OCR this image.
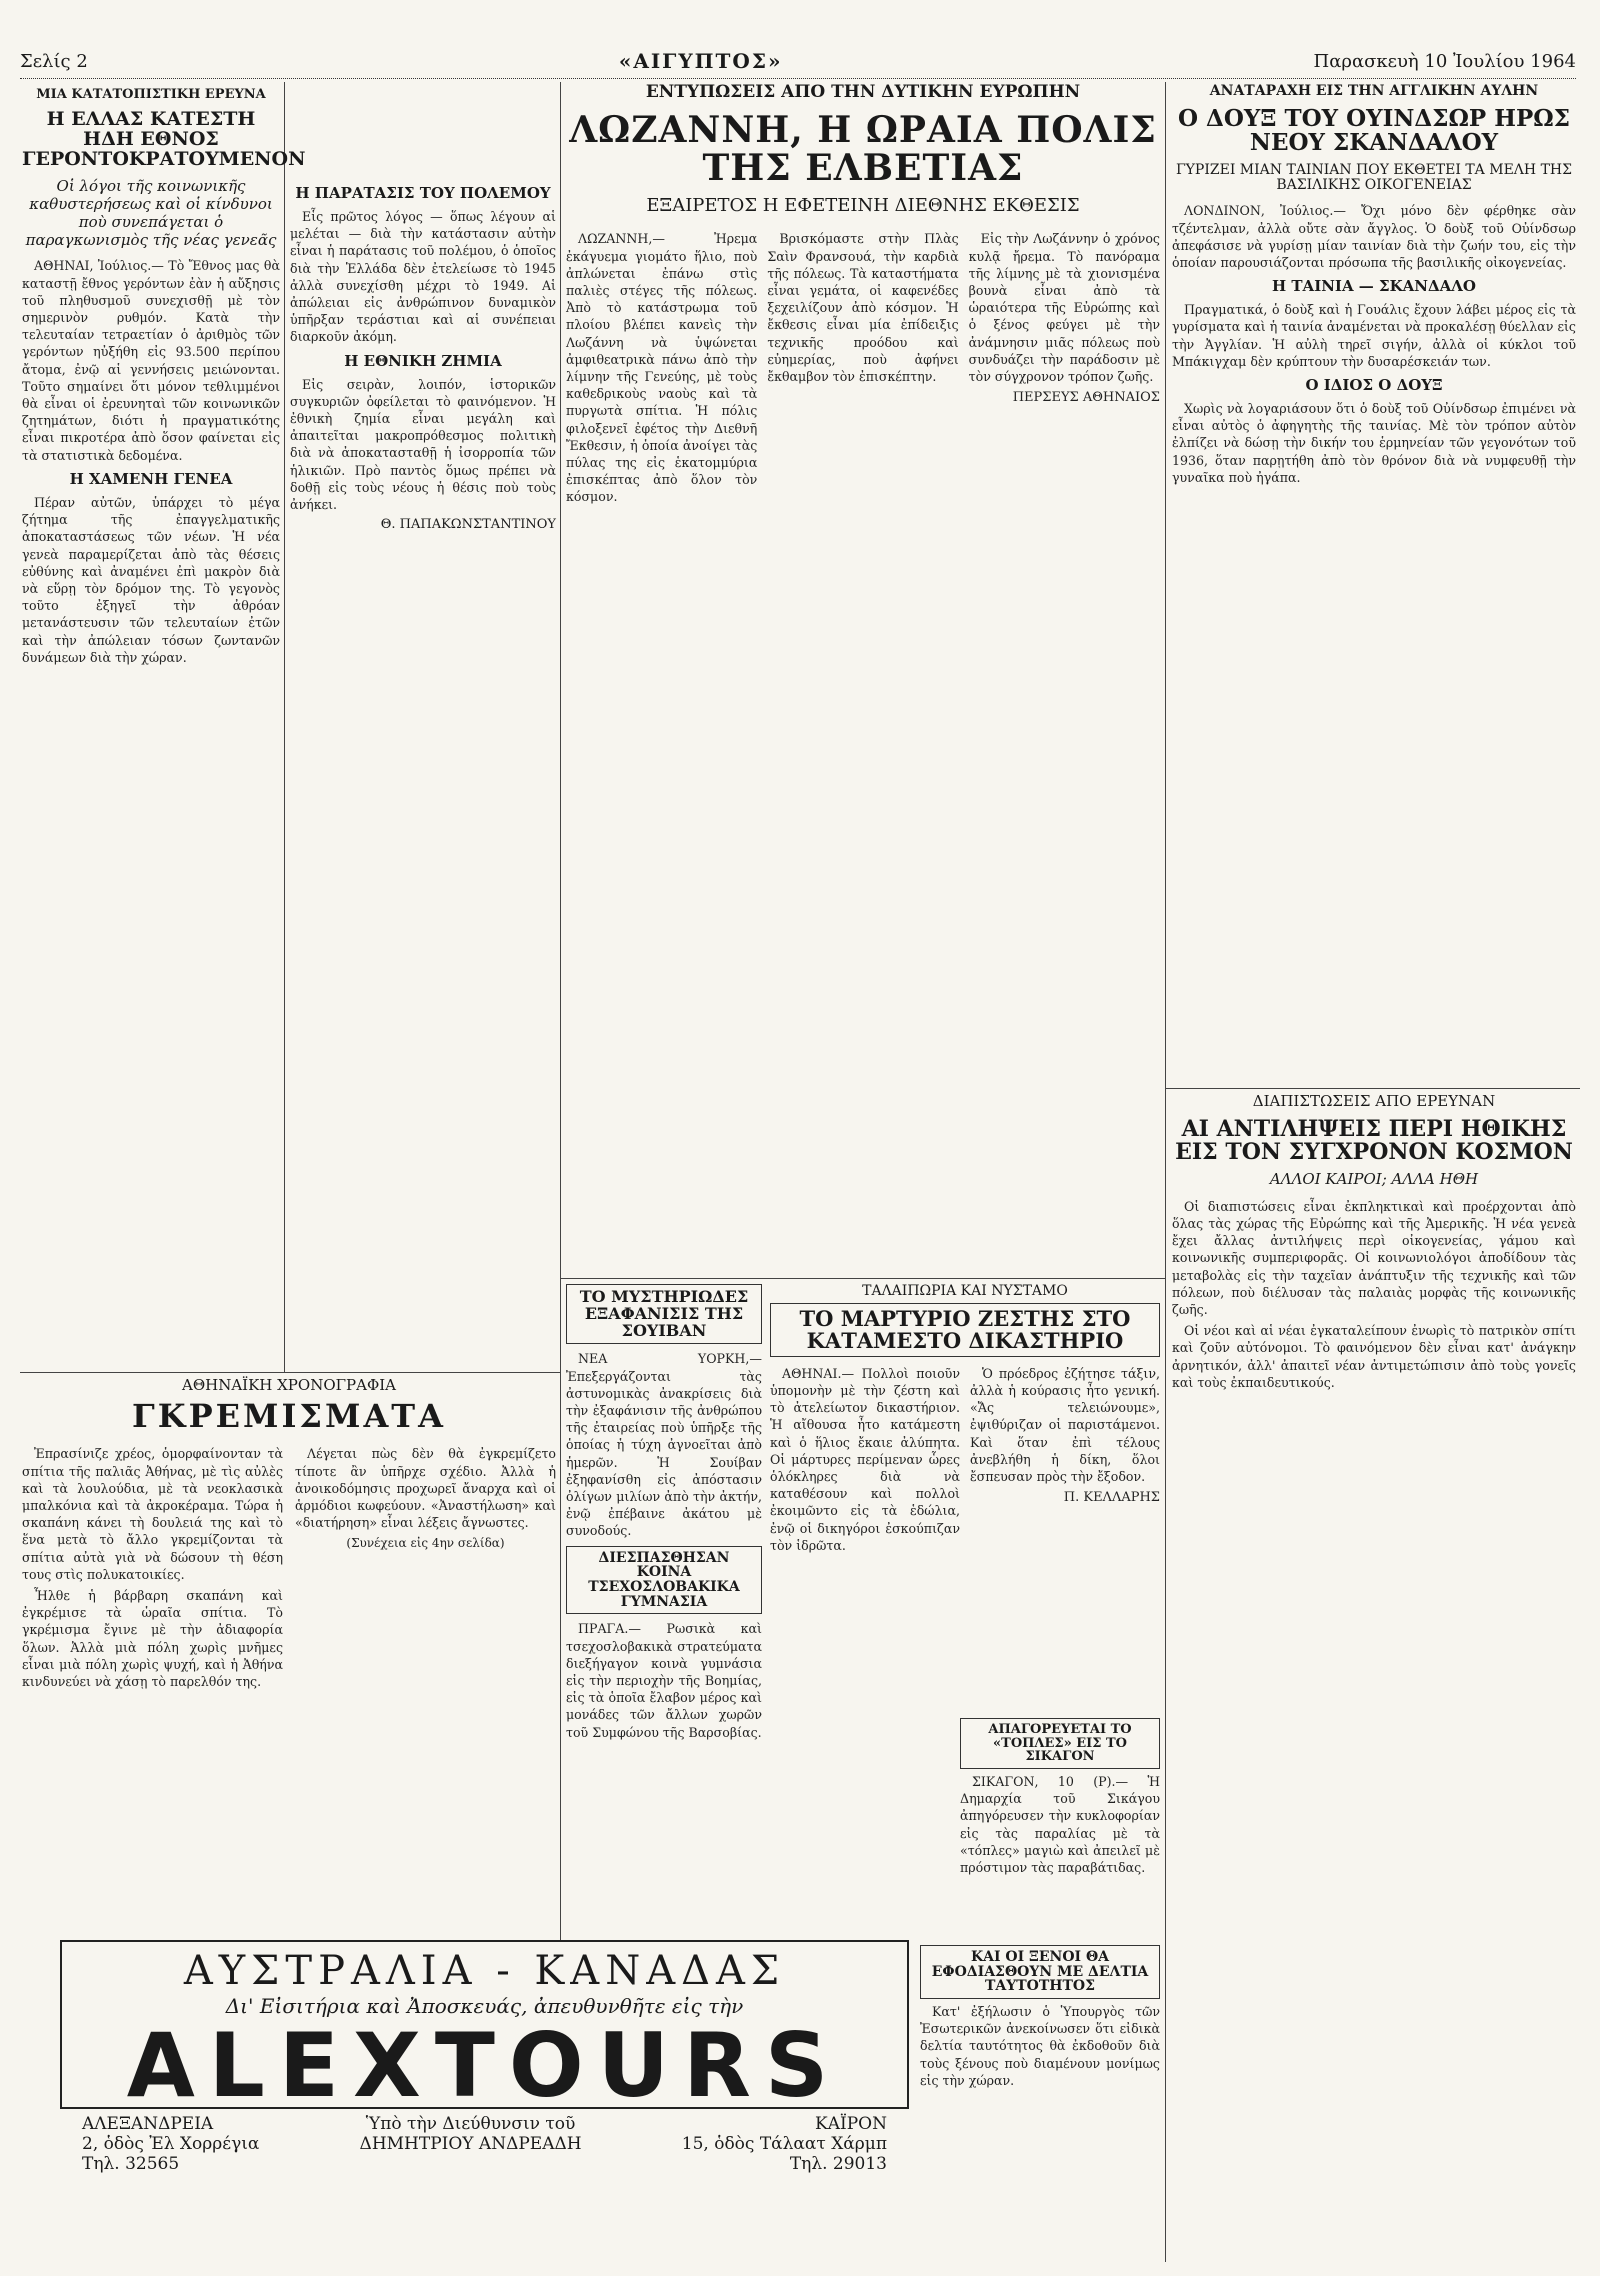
Σελίς 2	«ΑΙΓΥΠΤΟΣ»	Παρασκευὴ 10 Ἰουλίου 1964
ΜΙΑ ΚΑΤΑΤΟΠΙΣΤΙΚΗ ΕΡΕΥΝΑ
Η ΕΛΛΑΣ ΚΑΤΕΣΤΗ ΗΔΗ ΕΘΝΟΣ ΓΕΡΟΝΤΟΚΡΑΤΟΥΜΕΝΟΝ
Οἱ λόγοι τῆς κοινωνικῆς καθυστερήσεως καὶ οἱ κίνδυνοι ποὺ συνεπάγεται ὁ παραγκωνισμὸς τῆς νέας γενεᾶς

ΑΘΗΝΑΙ, Ἰούλιος.— Τὸ Ἔθνος μας θὰ καταστῇ ἔθνος γερόντων ἐὰν ἡ αὔξησις τοῦ πληθυσμοῦ συνεχισθῇ μὲ τὸν σημερινὸν ρυθμόν. Κατὰ τὴν τελευταίαν τετραετίαν ὁ ἀριθμὸς τῶν γερόντων ηὐξήθη εἰς 93.500 περίπου ἄτομα, ἐνῷ αἱ γεννήσεις μειώνονται. Τοῦτο σημαίνει ὅτι μόνον τεθλιμμένοι θὰ εἶναι οἱ ἐρευνηταὶ τῶν κοινωνικῶν ζητημάτων, διότι ἡ πραγματικότης εἶναι πικροτέρα ἀπὸ ὅσον φαίνεται εἰς τὰ στατιστικὰ δεδομένα.

Η ΧΑΜΕΝΗ ΓΕΝΕΑ

Πέραν αὐτῶν, ὑπάρχει τὸ μέγα ζήτημα τῆς ἐπαγγελματικῆς ἀποκαταστάσεως τῶν νέων. Ἡ νέα γενεὰ παραμερίζεται ἀπὸ τὰς θέσεις εὐθύνης καὶ ἀναμένει ἐπὶ μακρὸν διὰ νὰ εὕρῃ τὸν δρόμον της. Τὸ γεγονὸς τοῦτο ἐξηγεῖ τὴν ἀθρόαν μετανάστευσιν τῶν τελευταίων ἐτῶν καὶ τὴν ἀπώλειαν τόσων ζωντανῶν δυνάμεων διὰ τὴν χώραν.

Η ΠΑΡΑΤΑΣΙΣ ΤΟΥ ΠΟΛΕΜΟΥ

Εἷς πρῶτος λόγος — ὅπως λέγουν αἱ μελέται — διὰ τὴν κατάστασιν αὐτὴν εἶναι ἡ παράτασις τοῦ πολέμου, ὁ ὁποῖος διὰ τὴν Ἑλλάδα δὲν ἐτελείωσε τὸ 1945 ἀλλὰ συνεχίσθη μέχρι τὸ 1949. Αἱ ἀπώλειαι εἰς ἀνθρώπινον δυναμικὸν ὑπῆρξαν τεράστιαι καὶ αἱ συνέπειαι διαρκοῦν ἀκόμη.

Η ΕΘΝΙΚΗ ΖΗΜΙΑ

Εἰς σειρὰν, λοιπόν, ἱστορικῶν συγκυριῶν ὀφείλεται τὸ φαινόμενον. Ἡ ἐθνικὴ ζημία εἶναι μεγάλη καὶ ἀπαιτεῖται μακροπρόθεσμος πολιτικὴ διὰ νὰ ἀποκατασταθῇ ἡ ἰσορροπία τῶν ἡλικιῶν. Πρὸ παντὸς ὅμως πρέπει νὰ δοθῇ εἰς τοὺς νέους ἡ θέσις ποὺ τοὺς ἀνήκει.

Θ. ΠΑΠΑΚΩΝΣΤΑΝΤΙΝΟΥ
ΕΝΤΥΠΩΣΕΙΣ ΑΠΟ ΤΗΝ ΔΥΤΙΚΗΝ ΕΥΡΩΠΗΝ
ΛΩΖΑΝΝΗ, Η ΩΡΑΙΑ ΠΟΛΙΣ ΤΗΣ ΕΛΒΕΤΙΑΣ
ΕΞΑΙΡΕΤΟΣ Η ΕΦΕΤΕΙΝΗ ΔΙΕΘΝΗΣ ΕΚΘΕΣΙΣ

ΛΩΖΑΝΝΗ,— Ἠρεμα ἐκάγυεμα γιομάτο ἥλιο, ποὺ ἀπλώνεται ἐπάνω στὶς παλιὲς στέγες τῆς πόλεως. Ἀπὸ τὸ κατάστρωμα τοῦ πλοίου βλέπει κανεὶς τὴν Λωζάννη νὰ ὑψώνεται ἀμφιθεατρικὰ πάνω ἀπὸ τὴν λίμνην τῆς Γενεύης, μὲ τοὺς καθεδρικοὺς ναοὺς καὶ τὰ πυργωτὰ σπίτια. Ἡ πόλις φιλοξενεῖ ἐφέτος τὴν Διεθνῆ Ἔκθεσιν, ἡ ὁποία ἀνοίγει τὰς πύλας της εἰς ἑκατομμύρια ἐπισκέπτας ἀπὸ ὅλον τὸν κόσμον.

Βρισκόμαστε στὴν Πλὰς Σαὶν Φρανσουά, τὴν καρδιὰ τῆς πόλεως. Τὰ καταστήματα εἶναι γεμάτα, οἱ καφενέδες ξεχειλίζουν ἀπὸ κόσμον. Ἡ ἔκθεσις εἶναι μία ἐπίδειξις τεχνικῆς προόδου καὶ εὐημερίας, ποὺ ἀφήνει ἔκθαμβον τὸν ἐπισκέπτην.

Εἰς τὴν Λωζάννην ὁ χρόνος κυλᾷ ἤρεμα. Τὸ πανόραμα τῆς λίμνης μὲ τὰ χιονισμένα βουνὰ εἶναι ἀπὸ τὰ ὡραιότερα τῆς Εὐρώπης καὶ ὁ ξένος φεύγει μὲ τὴν ἀνάμνησιν μιᾶς πόλεως ποὺ συνδυάζει τὴν παράδοσιν μὲ τὸν σύγχρονον τρόπον ζωῆς.

ΠΕΡΣΕΥΣ ΑΘΗΝΑΙΟΣ
ΑΝΑΤΑΡΑΧΗ ΕΙΣ ΤΗΝ ΑΓΓΛΙΚΗΝ ΑΥΛΗΝ
Ο ΔΟΥΞ ΤΟΥ ΟΥΙΝΔΣΩΡ ΗΡΩΣ ΝΕΟΥ ΣΚΑΝΔΑΛΟΥ
ΓΥΡΙΖΕΙ ΜΙΑΝ ΤΑΙΝΙΑΝ ΠΟΥ ΕΚΘΕΤΕΙ ΤΑ ΜΕΛΗ ΤΗΣ ΒΑΣΙΛΙΚΗΣ ΟΙΚΟΓΕΝΕΙΑΣ

ΛΟΝΔΙΝΟΝ, Ἰούλιος.— Ὄχι μόνο δὲν φέρθηκε σὰν τζέντελμαν, ἀλλὰ οὔτε σὰν ἄγγλος. Ὁ δοὺξ τοῦ Οὐίνδσωρ ἀπεφάσισε νὰ γυρίσῃ μίαν ταινίαν διὰ τὴν ζωήν του, εἰς τὴν ὁποίαν παρουσιάζονται πρόσωπα τῆς βασιλικῆς οἰκογενείας.

Η ΤΑΙΝΙΑ — ΣΚΑΝΔΑΛΟ

Πραγματικά, ὁ δοὺξ καὶ ἡ Γουάλις ἔχουν λάβει μέρος εἰς τὰ γυρίσματα καὶ ἡ ταινία ἀναμένεται νὰ προκαλέσῃ θύελλαν εἰς τὴν Ἀγγλίαν. Ἡ αὐλὴ τηρεῖ σιγήν, ἀλλὰ οἱ κύκλοι τοῦ Μπάκιγχαμ δὲν κρύπτουν τὴν δυσαρέσκειάν των.

Ο ΙΔΙΟΣ Ο ΔΟΥΞ

Χωρὶς νὰ λογαριάσουν ὅτι ὁ δοὺξ τοῦ Οὐίνδσωρ ἐπιμένει νὰ εἶναι αὐτὸς ὁ ἀφηγητὴς τῆς ταινίας. Μὲ τὸν τρόπον αὐτὸν ἐλπίζει νὰ δώσῃ τὴν δικήν του ἑρμηνείαν τῶν γεγονότων τοῦ 1936, ὅταν παρῃτήθη ἀπὸ τὸν θρόνον διὰ νὰ νυμφευθῇ τὴν γυναῖκα ποὺ ἠγάπα.

ΔΙΑΠΙΣΤΩΣΕΙΣ ΑΠΟ ΕΡΕΥΝΑΝ
ΑΙ ΑΝΤΙΛΗΨΕΙΣ ΠΕΡΙ ΗΘΙΚΗΣ ΕΙΣ ΤΟΝ ΣΥΓΧΡΟΝΟΝ ΚΟΣΜΟΝ
ΑΛΛΟΙ ΚΑΙΡΟΙ; ΑΛΛΑ ΗΘΗ

Οἱ διαπιστώσεις εἶναι ἐκπληκτικαὶ καὶ προέρχονται ἀπὸ ὅλας τὰς χώρας τῆς Εὐρώπης καὶ τῆς Ἀμερικῆς. Ἡ νέα γενεὰ ἔχει ἄλλας ἀντιλήψεις περὶ οἰκογενείας, γάμου καὶ κοινωνικῆς συμπεριφορᾶς. Οἱ κοινωνιολόγοι ἀποδίδουν τὰς μεταβολὰς εἰς τὴν ταχεῖαν ἀνάπτυξιν τῆς τεχνικῆς καὶ τῶν πόλεων, ποὺ διέλυσαν τὰς παλαιὰς μορφὰς τῆς κοινωνικῆς ζωῆς.

Οἱ νέοι καὶ αἱ νέαι ἐγκαταλείπουν ἐνωρὶς τὸ πατρικὸν σπίτι καὶ ζοῦν αὐτόνομοι. Τὸ φαινόμενον δὲν εἶναι κατ' ἀνάγκην ἀρνητικόν, ἀλλ' ἀπαιτεῖ νέαν ἀντιμετώπισιν ἀπὸ τοὺς γονεῖς καὶ τοὺς ἐκπαιδευτικούς.

ΑΘΗΝΑΪΚΗ ΧΡΟΝΟΓΡΑΦΙΑ
ΓΚΡΕΜΙΣΜΑΤΑ

Ἐπρασίνιζε χρέος, ὁμορφαίνονταν τὰ σπίτια τῆς παλιᾶς Ἀθήνας, μὲ τὶς αὐλὲς καὶ τὰ λουλούδια, μὲ τὰ νεοκλασικὰ μπαλκόνια καὶ τὰ ἀκροκέραμα. Τώρα ἡ σκαπάνη κάνει τὴ δουλειά της καὶ τὸ ἕνα μετὰ τὸ ἄλλο γκρεμίζονται τὰ σπίτια αὐτὰ γιὰ νὰ δώσουν τὴ θέση τους στὶς πολυκατοικίες.

Ἦλθε ἡ βάρβαρη σκαπάνη καὶ ἐγκρέμισε τὰ ὡραῖα σπίτια. Τὸ γκρέμισμα ἔγινε μὲ τὴν ἀδιαφορία ὅλων. Ἀλλὰ μιὰ πόλη χωρὶς μνῆμες εἶναι μιὰ πόλη χωρὶς ψυχή, καὶ ἡ Ἀθήνα κινδυνεύει νὰ χάσῃ τὸ παρελθόν της.

Λέγεται πὼς δὲν θὰ ἐγκρεμίζετο τίποτε ἂν ὑπῆρχε σχέδιο. Ἀλλὰ ἡ ἀνοικοδόμησις προχωρεῖ ἄναρχα καὶ οἱ ἁρμόδιοι κωφεύουν. «Ἀναστήλωση» καὶ «διατήρηση» εἶναι λέξεις ἄγνωστες.

(Συνέχεια εἰς 4ην σελίδα)
ΤΟ ΜΥΣΤΗΡΙΩΔΕΣ ΕΞΑΦΑΝΙΣΙΣ ΤΗΣ ΣΟΥΙΒΑΝ

ΝΕΑ ΥΟΡΚΗ,— Ἐπεξεργάζονται τὰς ἀστυνομικὰς ἀνακρίσεις διὰ τὴν ἐξαφάνισιν τῆς ἀνθρώπου τῆς ἐταιρείας ποὺ ὑπῆρξε τῆς ὁποίας ἡ τύχη ἀγνοεῖται ἀπὸ ἡμερῶν. Ἡ Σουίβαν ἐξηφανίσθη εἰς ἀπόστασιν ὀλίγων μιλίων ἀπὸ τὴν ἀκτήν, ἐνῷ ἐπέβαινε ἀκάτου μὲ συνοδούς.

ΔΙΕΣΠΑΣΘΗΣΑΝ ΚΟΙΝΑ ΤΣΕΧΟΣΛΟΒΑΚΙΚΑ ΓΥΜΝΑΣΙΑ

ΠΡΑΓΑ.— Ρωσικὰ καὶ τσεχοσλοβακικὰ στρατεύματα διεξήγαγον κοινὰ γυμνάσια εἰς τὴν περιοχὴν τῆς Βοημίας, εἰς τὰ ὁποῖα ἔλαβον μέρος καὶ μονάδες τῶν ἄλλων χωρῶν τοῦ Συμφώνου τῆς Βαρσοβίας.

ΤΑΛΑΙΠΩΡΙΑ ΚΑΙ ΝΥΣΤΑΜΟ
ΤΟ ΜΑΡΤΥΡΙΟ ΖΕΣΤΗΣ ΣΤΟ ΚΑΤΑΜΕΣΤΟ ΔΙΚΑΣΤΗΡΙΟ

ΑΘΗΝΑΙ.— Πολλοὶ ποιοῦν ὑπομονὴν μὲ τὴν ζέστη καὶ τὸ ἀτελείωτον δικαστήριον. Ἡ αἴθουσα ἦτο κατάμεστη καὶ ὁ ἥλιος ἔκαιε ἀλύπητα. Οἱ μάρτυρες περίμεναν ὧρες ὁλόκληρες διὰ νὰ καταθέσουν καὶ πολλοὶ ἐκοιμῶντο εἰς τὰ ἑδώλια, ἐνῷ οἱ δικηγόροι ἐσκούπιζαν τὸν ἱδρῶτα.

Ὁ πρόεδρος ἐζήτησε τάξιν, ἀλλὰ ἡ κούρασις ἦτο γενική. «Ἄς τελειώνουμε», ἐψιθύριζαν οἱ παριστάμενοι. Καὶ ὅταν ἐπὶ τέλους ἀνεβλήθη ἡ δίκη, ὅλοι ἔσπευσαν πρὸς τὴν ἔξοδον.

Π. ΚΕΛΛΑΡΗΣ
ΑΠΑΓΟΡΕΥΕΤΑΙ ΤΟ «ΤΟΠΛΕΣ» ΕΙΣ ΤΟ ΣΙΚΑΓΟΝ

ΣΙΚΑΓΟΝ, 10 (Ρ).— Ἡ Δημαρχία τοῦ Σικάγου ἀπηγόρευσεν τὴν κυκλοφορίαν εἰς τὰς παραλίας μὲ τὰ «τόπλες» μαγιὼ καὶ ἀπειλεῖ μὲ πρόστιμον τὰς παραβάτιδας.

ΚΑΙ ΟΙ ΞΕΝΟΙ ΘΑ ΕΦΟΔΙΑΣΘΟΥΝ ΜΕ ΔΕΛΤΙΑ ΤΑΥΤΟΤΗΤΟΣ

Κατ' ἐξήλωσιν ὁ Ὑπουργὸς τῶν Ἐσωτερικῶν ἀνεκοίνωσεν ὅτι εἰδικὰ δελτία ταυτότητος θὰ ἐκδοθοῦν διὰ τοὺς ξένους ποὺ διαμένουν μονίμως εἰς τὴν χώραν.

ΑΥΣΤΡΑΛΙΑ - ΚΑΝΑΔΑΣ
Δι' Εἰσιτήρια καὶ Ἀποσκευάς, ἀπευθυνθῆτε εἰς τὴν
ALEXTOURS
ΑΛΕΞΑΝΔΡΕΙΑ
2, ὁδὸς Ἐλ Χορρέγια
Τηλ. 32565
Ὑπὸ τὴν Διεύθυνσιν τοῦ
ΔΗΜΗΤΡΙΟΥ ΑΝΔΡΕΑΔΗ
ΚΑΪΡΟΝ
15, ὁδὸς Τάλαατ Χάρμπ
Τηλ. 29013
